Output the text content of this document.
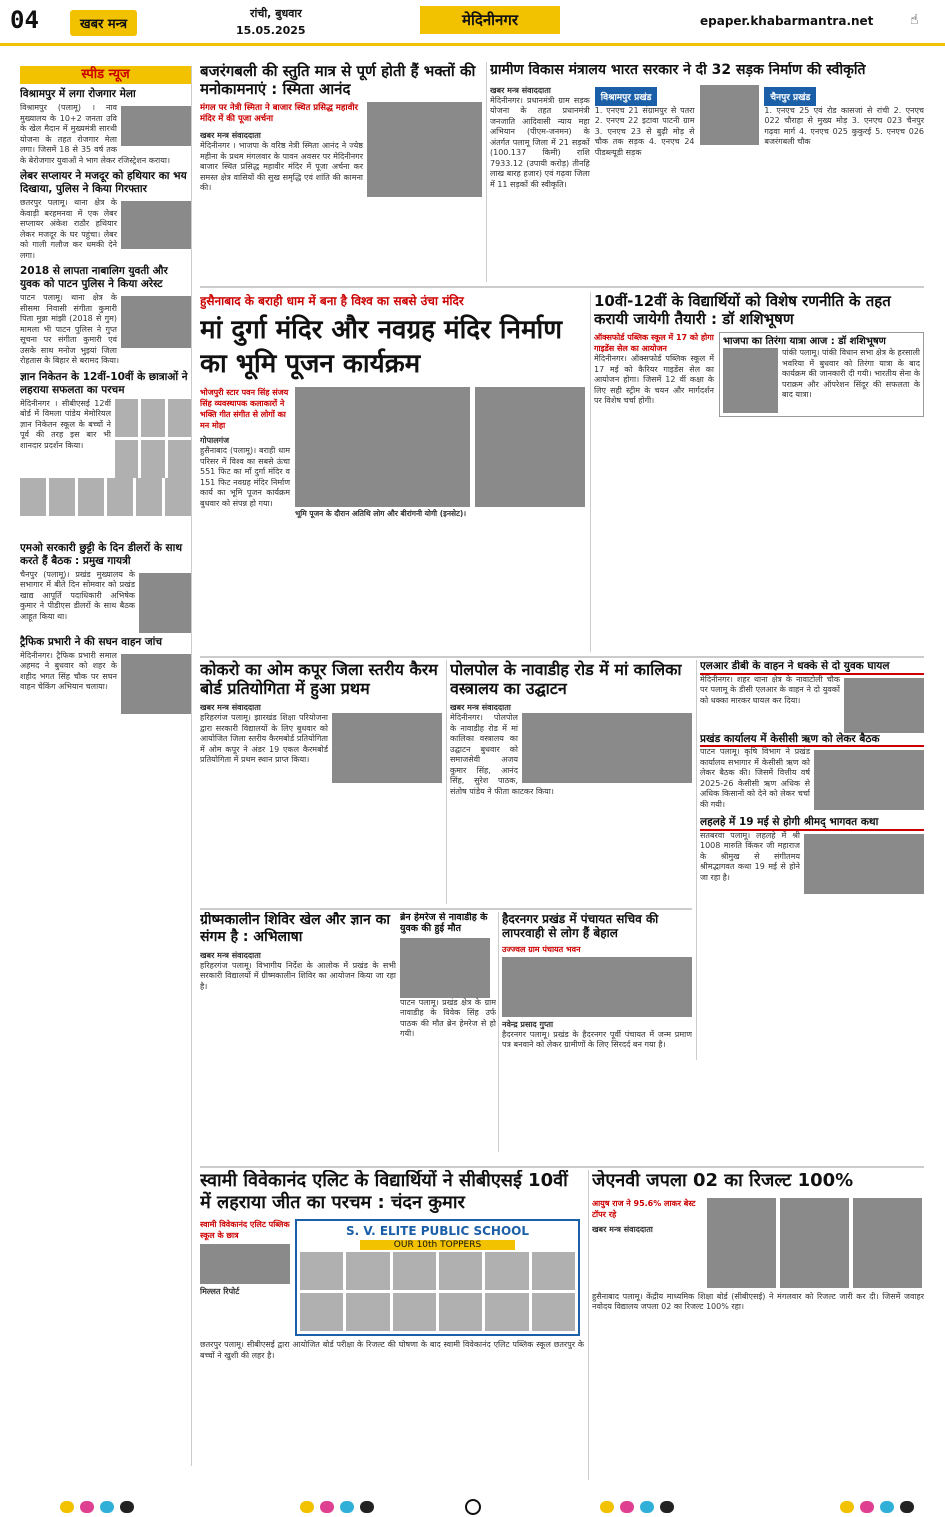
04	खबर मन्त्र
रांची, बुधवार
15.05.2025
मेदिनीनगर	epaper.khabarmantra.net	☝
स्पीड न्यूज
विश्रामपुर में लगा रोजगार मेला
विश्रामपुर (पलामू) । नाव मुख्यालय के 10+2 जनता उवि के खेल मैदान में मुख्यमंत्री सारथी योजना के तहत रोजगार मेला लगा। जिसमें 18 से 35 वर्ष तक के बेरोजगार युवाओं ने भाग लेकर रजिस्ट्रेशन कराया।
लेबर सप्लायर ने मजदूर को हथियार का भय दिखाया, पुलिस ने किया गिरफ्तार
छतरपुर पलामू। थाना क्षेत्र के केवाड़ी बरहमनवा में एक लेबर सप्लायर अंकेश राठौर हथियार लेकर मजदूर के घर पहुंचा। लेबर को गाली गलौज कर धमकी देने लगा।
2018 से लापता नाबालिग युवती और युवक को पाटन पुलिस ने किया अरेस्ट
पाटन पलामू। थाना क्षेत्र के सीसमा निवासी संगीता कुमारी पिता मुन्ना मांझी (2018 से गुम) मामला भी पाटन पुलिस ने गुप्त सूचना पर संगीता कुमारी एवं उसके साथ मनोज भुइयां जिला रोहतास के बिहार से बरामद किया।
ज्ञान निकेतन के 12वीं-10वीं के छात्राओं ने लहराया सफलता का परचम
मेदिनीनगर । सीबीएसई 12वीं बोर्ड में विमला पांडेय मेमोरियल ज्ञान निकेतन स्कूल के बच्चों ने पूर्व की तरह इस बार भी शानदार प्रदर्शन किया।
एमओ सरकारी छुट्टी के दिन डीलरों के साथ करते हैं बैठक : प्रमुख गायत्री
चैनपुर (पलामू)। प्रखंड मुख्यालय के सभागार में बीते दिन सोमवार को प्रखंड खाद्य आपूर्ति पदाधिकारी अभिषेक कुमार ने पीडीएस डीलरों के साथ बैठक आहूत किया था।
ट्रैफिक प्रभारी ने की सघन वाहन जांच
मेदिनीनगर। ट्रैफिक प्रभारी समाल अहमद ने बुधवार को शहर के शहीद भगत सिंह चौक पर सघन वाहन चेकिंग अभियान चलाया।
बजरंगबली की स्तुति मात्र से पूर्ण होती हैं भक्तों की मनोकामनाएं : स्मिता आनंद
मंगल पर नेत्री स्मिता ने बाजार स्थित प्रसिद्ध महावीर मंदिर में की पूजा अर्चना
खबर मन्त्र संवाददाता
मेदिनीनगर । भाजपा के वरिष्ठ नेत्री स्मिता आनंद ने ज्येष्ठ महीना के प्रथम मंगलवार के पावन अवसर पर मेदिनीनगर बाजार स्थित प्रसिद्ध महावीर मंदिर में पूजा अर्चना कर समस्त क्षेत्र वासियों की सुख समृद्धि एवं शांति की कामना की।
ग्रामीण विकास मंत्रालय भारत सरकार ने दी 32 सड़क निर्माण की स्वीकृति
खबर मन्त्र संवाददाता
मेदिनीनगर। प्रधानमंत्री ग्राम सड़क योजना के तहत प्रधानमंत्री जनजाति आदिवासी न्याय महा अभियान (पीएम-जनमन) के अंतर्गत पलामू जिला में 21 सड़कों (100.137 किमी) राशि 7933.12 (उपायी करोड़) तीनहि लाख बारह हजार) एवं गढ़वा जिला में 11 सड़कों की स्वीकृति।
विश्रामपुर प्रखंड
1. एनएच 21 संग्रामपुर से पतरा 2. एनएच 22 इटावा पाटनी ग्राम 3. एनएच 23 से बुढ़ी मोड़ से चौक तक सड़क 4. एनएच 24 पीडब्ल्यूडी सड़क
चैनपुर प्रखंड
1. एनएच 25 एवं रोड कासजां से रांची 2. एनएच 022 चौराहा से मुख्य मोड़ 3. एनएच 023 चैनपुर गढ़वा मार्ग 4. एनएच 025 कुकुरई 5. एनएच 026 बजरंगबली चौक
हुसैनाबाद के बराही धाम में बना है विश्व का सबसे उंचा मंदिर
मां दुर्गा मंदिर और नवग्रह मंदिर निर्माण का भूमि पूजन कार्यक्रम
भोजपुरी स्टार पवन सिंह संजय सिंह व्यवस्थापक कलाकारों ने भक्ति गीत संगीत से लोगों का मन मोहा
गोपालगंज
हुसैनाबाद (पलामू)। बराही धाम परिसर में विश्व का सबसे ऊंचा 551 फिट का माँ दुर्गा मंदिर व 151 फिट नवग्रह मंदिर निर्माण कार्य का भूमि पूजन कार्यक्रम बुधवार को संपन्न हो गया।
भूमि पूजन के दौरान अतिथि लोग और बीरांगनी योगी (इनसेट)।
10वीं-12वीं के विद्यार्थियों को विशेष रणनीति के तहत करायी जायेगी तैयारी : डॉ शशिभूषण
ऑक्सफोर्ड पब्लिक स्कूल में 17 को होगा गाइडेंस सेल का आयोजन
मेदिनीनगर। ऑक्सफोर्ड पब्लिक स्कूल में 17 मई को कैरियर गाइडेंस सेल का आयोजन होगा। जिसमें 12 वीं कक्षा के लिए सही स्ट्रीम के चयन और मार्गदर्शन पर विशेष चर्चा होगी।
भाजपा का तिरंगा यात्रा आज : डॉ शशिभूषण
पांकी पलामू। पांकी विधान सभा क्षेत्र के हरसाली भवरिया में बुधवार को तिरंगा यात्रा के बाद कार्यक्रम की जानकारी दी गयी। भारतीय सेना के पराक्रम और ऑपरेशन सिंदूर की सफलता के बाद यात्रा।
कोकरो का ओम कपूर जिला स्तरीय कैरम बोर्ड प्रतियोगिता में हुआ प्रथम
खबर मन्त्र संवाददाता
हरिहरगंज पलामू। झारखंड शिक्षा परियोजना द्वारा सरकारी विद्यालयों के लिए बुधवार को आयोजित जिला स्तरीय कैरमबोर्ड प्रतियोगिता में ओम कपूर ने अंडर 19 एकल कैरमबोर्ड प्रतियोगिता में प्रथम स्थान प्राप्त किया।
पोलपोल के नावाडीह रोड में मां कालिका वस्त्रालय का उद्घाटन
खबर मन्त्र संवाददाता
मेदिनीनगर। पोलपोल के नावाडीह रोड में मां कालिका वस्त्रालय का उद्घाटन बुधवार को समाजसेवी अजय कुमार सिंह, आनंद सिंह, सुरेश पाठक, संतोष पांडेय ने फीता काटकर किया।
एलआर डीबी के वाहन ने धक्के से दो युवक घायल
मेदिनीनगर। शहर थाना क्षेत्र के नावाटोली चौक पर पलामू के डीसी एलआर के वाहन ने दो युवकों को धक्का मारकर घायल कर दिया।
प्रखंड कार्यालय में केसीसी ऋण को लेकर बैठक
पाटन पलामू। कृषि विभाग ने प्रखंड कार्यालय सभागार में केसीसी ऋण को लेकर बैठक की। जिसमें वित्तीय वर्ष 2025-26 केसीसी ऋण अधिक से अधिक किसानों को देने को लेकर चर्चा की गयी।
लहलहे में 19 मई से होगी श्रीमद् भागवत कथा
सतबरवा पलामू। लहलहे में श्री 1008 मारुति किंकर जी महाराज के श्रीमुख से संगीतमय श्रीमद्भागवत कथा 19 मई से होने जा रहा है।
ग्रीष्मकालीन शिविर खेल और ज्ञान का संगम है : अभिलाषा
खबर मन्त्र संवाददाता
हरिहरगंज पलामू। विभागीय निर्देश के आलोक में प्रखंड के सभी सरकारी विद्यालयों में ग्रीष्मकालीन शिविर का आयोजन किया जा रहा है।
ब्रेन हेमरेज से नावाडीह के युवक की हुई मौत
पाटन पलामू। प्रखंड क्षेत्र के ग्राम नावाडीह के विवेक सिंह उर्फ पाठक की मौत ब्रेन हेमरेज से हो गयी।
हैदरनगर प्रखंड में पंचायत सचिव की लापरवाही से लोग हैं बेहाल
उज्ज्वल ग्राम पंचायत भवन
नवेन्द्र प्रसाद गुप्ता
हैदरनगर पलामू। प्रखंड के हैदरनगर पूर्वी पंचायत में जन्म प्रमाण पत्र बनवाने को लेकर ग्रामीणों के लिए सिरदर्द बन गया है।
स्वामी विवेकानंद एलिट के विद्यार्थियों ने सीबीएसई 10वीं में लहराया जीत का परचम : चंदन कुमार
स्वामी विवेकानंद एलिट पब्लिक स्कूल के छात्र
मिल्लत रिपोर्ट
S. V. ELITE PUBLIC SCHOOL
OUR 10th TOPPERS
छतरपुर पलामू। सीबीएसई द्वारा आयोजित बोर्ड परीक्षा के रिजल्ट की घोषणा के बाद स्वामी विवेकानंद एलिट पब्लिक स्कूल छतरपुर के बच्चों ने खुशी की लहर है।
जेएनवी जपला 02 का रिजल्ट 100%
आयुष राज ने 95.6% लाकर बेस्ट टॉपर रहे
खबर मन्त्र संवाददाता
हुसैनाबाद पलामू। केंद्रीय माध्यमिक शिक्षा बोर्ड (सीबीएसई) ने मंगलवार को रिजल्ट जारी कर दी। जिसमें जवाहर नवोदय विद्यालय जपला 02 का रिजल्ट 100% रहा।
